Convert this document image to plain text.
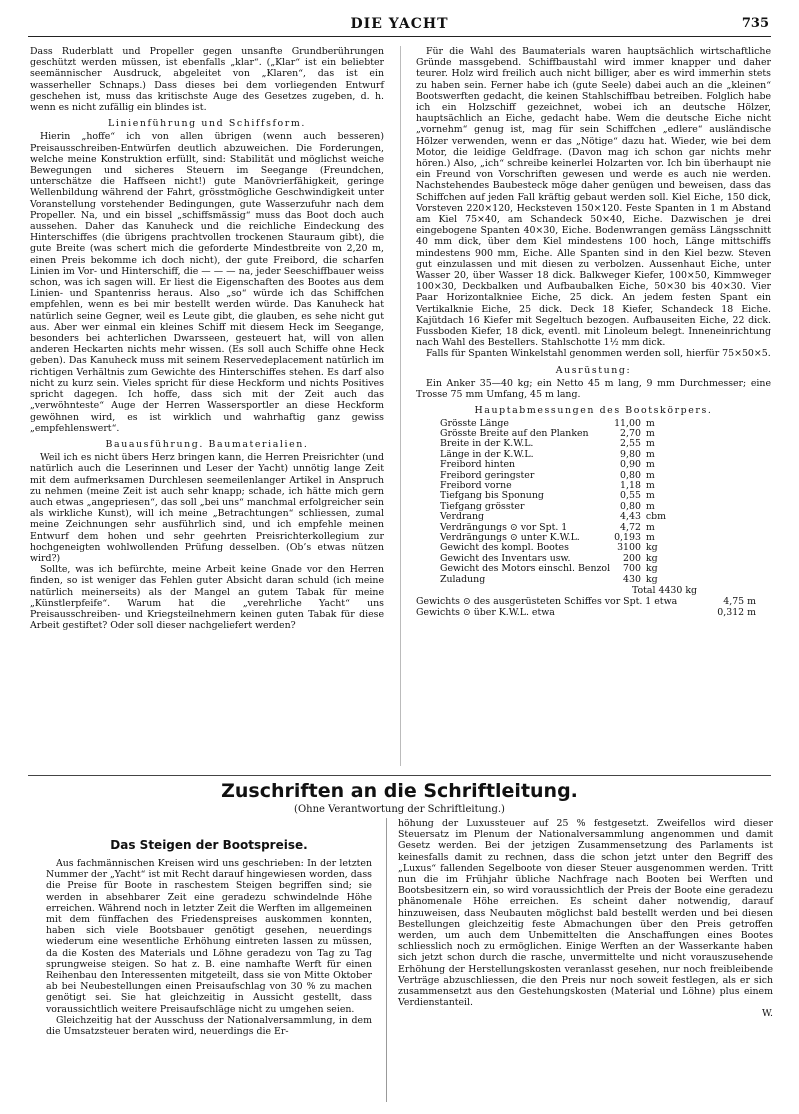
DIE YACHT	735

Dass Ruderblatt und Propeller gegen unsanfte Grundberührungen geschützt werden müssen, ist ebenfalls „klar“. („Klar“ ist ein beliebter seemännischer Ausdruck, abgeleitet von „Klaren“, das ist ein wasserheller Schnaps.) Dass dieses bei dem vorliegenden Entwurf geschehen ist, muss das kritischste Auge des Gesetzes zugeben, d. h. wenn es nicht zufällig ein blindes ist.

Linienführung und Schiffsform.

Hierin „hoffe“ ich von allen übrigen (wenn auch besseren) Preisausschreiben-Entwürfen deutlich abzuweichen. Die Forderungen, welche meine Konstruktion erfüllt, sind: Stabilität und möglichst weiche Bewegungen und sicheres Steuern im Seegange (Freundchen, unterschätze die Haffseen nicht!) gute Manövrierfähigkeit, geringe Wellenbildung während der Fahrt, grösstmögliche Geschwindigkeit unter Voranstellung vorstehender Bedingungen, gute Wasserzufuhr nach dem Propeller. Na, und ein bissel „schiffsmässig“ muss das Boot doch auch aussehen. Daher das Kanuheck und die reichliche Eindeckung des Hinterschiffes (die übrigens prachtvollen trockenen Stauraum gibt), die gute Breite (was schert mich die geforderte Mindestbreite von 2,20 m, einen Preis bekomme ich doch nicht), der gute Freibord, die scharfen Linien im Vor- und Hinterschiff, die — — — na, jeder Seeschiffbauer weiss schon, was ich sagen will. Er liest die Eigenschaften des Bootes aus dem Linien- und Spantenriss heraus. Also „so“ würde ich das Schiffchen empfehlen, wenn es bei mir bestellt werden würde. Das Kanuheck hat natürlich seine Gegner, weil es Leute gibt, die glauben, es sehe nicht gut aus. Aber wer einmal ein kleines Schiff mit diesem Heck im Seegange, besonders bei achterlichen Dwarsseen, gesteuert hat, will von allen anderen Heckarten nichts mehr wissen. (Es soll auch Schiffe ohne Heck geben). Das Kanuheck muss mit seinem Reservedeplacement natürlich im richtigen Verhältnis zum Gewichte des Hinterschiffes stehen. Es darf also nicht zu kurz sein. Vieles spricht für diese Heckform und nichts Positives spricht dagegen. Ich hoffe, dass sich mit der Zeit auch das „verwöhnteste“ Auge der Herren Wassersportler an diese Heckform gewöhnen wird, es ist wirklich und wahrhaftig ganz gewiss „empfehlenswert“.

Bauausführung. Baumaterialien.

Weil ich es nicht übers Herz bringen kann, die Herren Preisrichter (und natürlich auch die Leserinnen und Leser der Yacht) unnötig lange Zeit mit dem aufmerksamen Durchlesen seemeilenlanger Artikel in Anspruch zu nehmen (meine Zeit ist auch sehr knapp; schade, ich hätte mich gern auch etwas „angepriesen“, das soll „bei uns“ manchmal erfolgreicher sein als wirkliche Kunst), will ich meine „Betrachtungen“ schliessen, zumal meine Zeichnungen sehr ausführlich sind, und ich empfehle meinen Entwurf dem hohen und sehr geehrten Preisrichterkollegium zur hochgeneigten wohlwollenden Prüfung desselben. (Ob’s etwas nützen wird?)

Sollte, was ich befürchte, meine Arbeit keine Gnade vor den Herren finden, so ist weniger das Fehlen guter Absicht daran schuld (ich meine natürlich meinerseits) als der Mangel an gutem Tabak für meine „Künstlerpfeife“. Warum hat die „verehrliche Yacht“ uns Preisausschreiben- und Kriegsteilnehmern keinen guten Tabak für diese Arbeit gestiftet? Oder soll dieser nachgeliefert werden?

Für die Wahl des Baumaterials waren hauptsächlich wirtschaftliche Gründe massgebend. Schiffbaustahl wird immer knapper und daher teurer. Holz wird freilich auch nicht billiger, aber es wird immerhin stets zu haben sein. Ferner habe ich (gute Seele) dabei auch an die „kleinen“ Bootswerften gedacht, die keinen Stahlschiffbau betreiben. Folglich habe ich ein Holzschiff gezeichnet, wobei ich an deutsche Hölzer, hauptsächlich an Eiche, gedacht habe. Wem die deutsche Eiche nicht „vornehm“ genug ist, mag für sein Schiffchen „edlere“ ausländische Hölzer verwenden, wenn er das „Nötige“ dazu hat. Wieder, wie bei dem Motor, die leidige Geldfrage. (Davon mag ich schon gar nichts mehr hören.) Also, „ich“ schreibe keinerlei Holzarten vor. Ich bin überhaupt nie ein Freund von Vorschriften gewesen und werde es auch nie werden. Nachstehendes Baubesteck möge daher genügen und beweisen, dass das Schiffchen auf jeden Fall kräftig gebaut werden soll. Kiel Eiche, 150 dick, Vorsteven 220×120, Hecksteven 150×120. Feste Spanten in 1 m Abstand am Kiel 75×40, am Schandeck 50×40, Eiche. Dazwischen je drei eingebogene Spanten 40×30, Eiche. Bodenwrangen gemäss Längsschnitt 40 mm dick, über dem Kiel mindestens 100 hoch, Länge mittschiffs mindestens 900 mm, Eiche. Alle Spanten sind in den Kiel bezw. Steven gut einzulassen und mit diesen zu verbolzen. Aussenhaut Eiche, unter Wasser 20, über Wasser 18 dick. Balkweger Kiefer, 100×50, Kimmweger 100×30, Deckbalken und Aufbaubalken Eiche, 50×30 bis 40×30. Vier Paar Horizontalkniee Eiche, 25 dick. An jedem festen Spant ein Vertikalknie Eiche, 25 dick. Deck 18 Kiefer, Schandeck 18 Eiche. Kajütdach 16 Kiefer mit Segeltuch bezogen. Aufbauseiten Eiche, 22 dick. Fussboden Kiefer, 18 dick, eventl. mit Linoleum belegt. Inneneinrichtung nach Wahl des Bestellers. Stahlschotte 1½ mm dick.

Falls für Spanten Winkelstahl genommen werden soll, hierfür 75×50×5.

Ausrüstung:

Ein Anker 35—40 kg; ein Netto 45 m lang, 9 mm Durchmesser; eine Trosse 75 mm Umfang, 45 m lang.

Hauptabmessungen des Bootskörpers.
Grösste Länge	11,00	m
Grösste Breite auf den Planken	2,70	m
Breite in der K.W.L.	2,55	m
Länge in der K.W.L.	9,80	m
Freibord hinten	0,90	m
Freibord geringster	0,80	m
Freibord vorne	1,18	m
Tiefgang bis Sponung	0,55	m
Tiefgang grösster	0,80	m
Verdrang	4,43	cbm
Verdrängungs ⊙ vor Spt. 1	4,72	m
Verdrängungs ⊙ unter K.W.L.	0,193	m
Gewicht des kompl. Bootes	3100	kg
Gewicht des Inventars usw.	200	kg
Gewicht des Motors einschl. Benzol	700	kg
Zuladung	430	kg
Total 4430 kg
Gewichts ⊙ des ausgerüsteten Schiffes vor Spt. 1 etwa	4,75 m
Gewichts ⊙ über K.W.L. etwa	0,312 m
Zuschriften an die Schriftleitung.
(Ohne Verantwortung der Schriftleitung.)
Das Steigen der Bootspreise.

Aus fachmännischen Kreisen wird uns geschrieben: In der letzten Nummer der „Yacht“ ist mit Recht darauf hingewiesen worden, dass die Preise für Boote in raschestem Steigen begriffen sind; sie werden in absehbarer Zeit eine geradezu schwindelnde Höhe erreichen. Während noch in letzter Zeit die Werften im allgemeinen mit dem fünffachen des Friedenspreises auskommen konnten, haben sich viele Bootsbauer genötigt gesehen, neuerdings wiederum eine wesentliche Erhöhung eintreten lassen zu müssen, da die Kosten des Materials und Löhne geradezu von Tag zu Tag sprungweise steigen. So hat z. B. eine namhafte Werft für einen Reihenbau den Interessenten mitgeteilt, dass sie von Mitte Oktober ab bei Neubestellungen einen Preisaufschlag von 30 % zu machen genötigt sei. Sie hat gleichzeitig in Aussicht gestellt, dass voraussichtlich weitere Preisaufschläge nicht zu umgehen seien.

Gleichzeitig hat der Ausschuss der Nationalversammlung, in dem die Umsatzsteuer beraten wird, neuerdings die Er-

höhung der Luxussteuer auf 25 % festgesetzt. Zweifellos wird dieser Steuersatz im Plenum der Nationalversammlung angenommen und damit Gesetz werden. Bei der jetzigen Zusammensetzung des Parlaments ist keinesfalls damit zu rechnen, dass die schon jetzt unter den Begriff des „Luxus“ fallenden Segelboote von dieser Steuer ausgenommen werden. Tritt nun die im Frühjahr übliche Nachfrage nach Booten bei Werften und Bootsbesitzern ein, so wird voraussichtlich der Preis der Boote eine geradezu phänomenale Höhe erreichen. Es scheint daher notwendig, darauf hinzuweisen, dass Neubauten möglichst bald bestellt werden und bei diesen Bestellungen gleichzeitig feste Abmachungen über den Preis getroffen werden, um auch dem Unbemittelten die Anschaffungen eines Bootes schliesslich noch zu ermöglichen. Einige Werften an der Wasserkante haben sich jetzt schon durch die rasche, unvermittelte und nicht vorauszusehende Erhöhung der Herstellungskosten veranlasst gesehen, nur noch freibleibende Verträge abzuschliessen, die den Preis nur noch soweit festlegen, als er sich zusammensetzt aus den Gestehungskosten (Material und Löhne) plus einem Verdienstanteil.

W.
